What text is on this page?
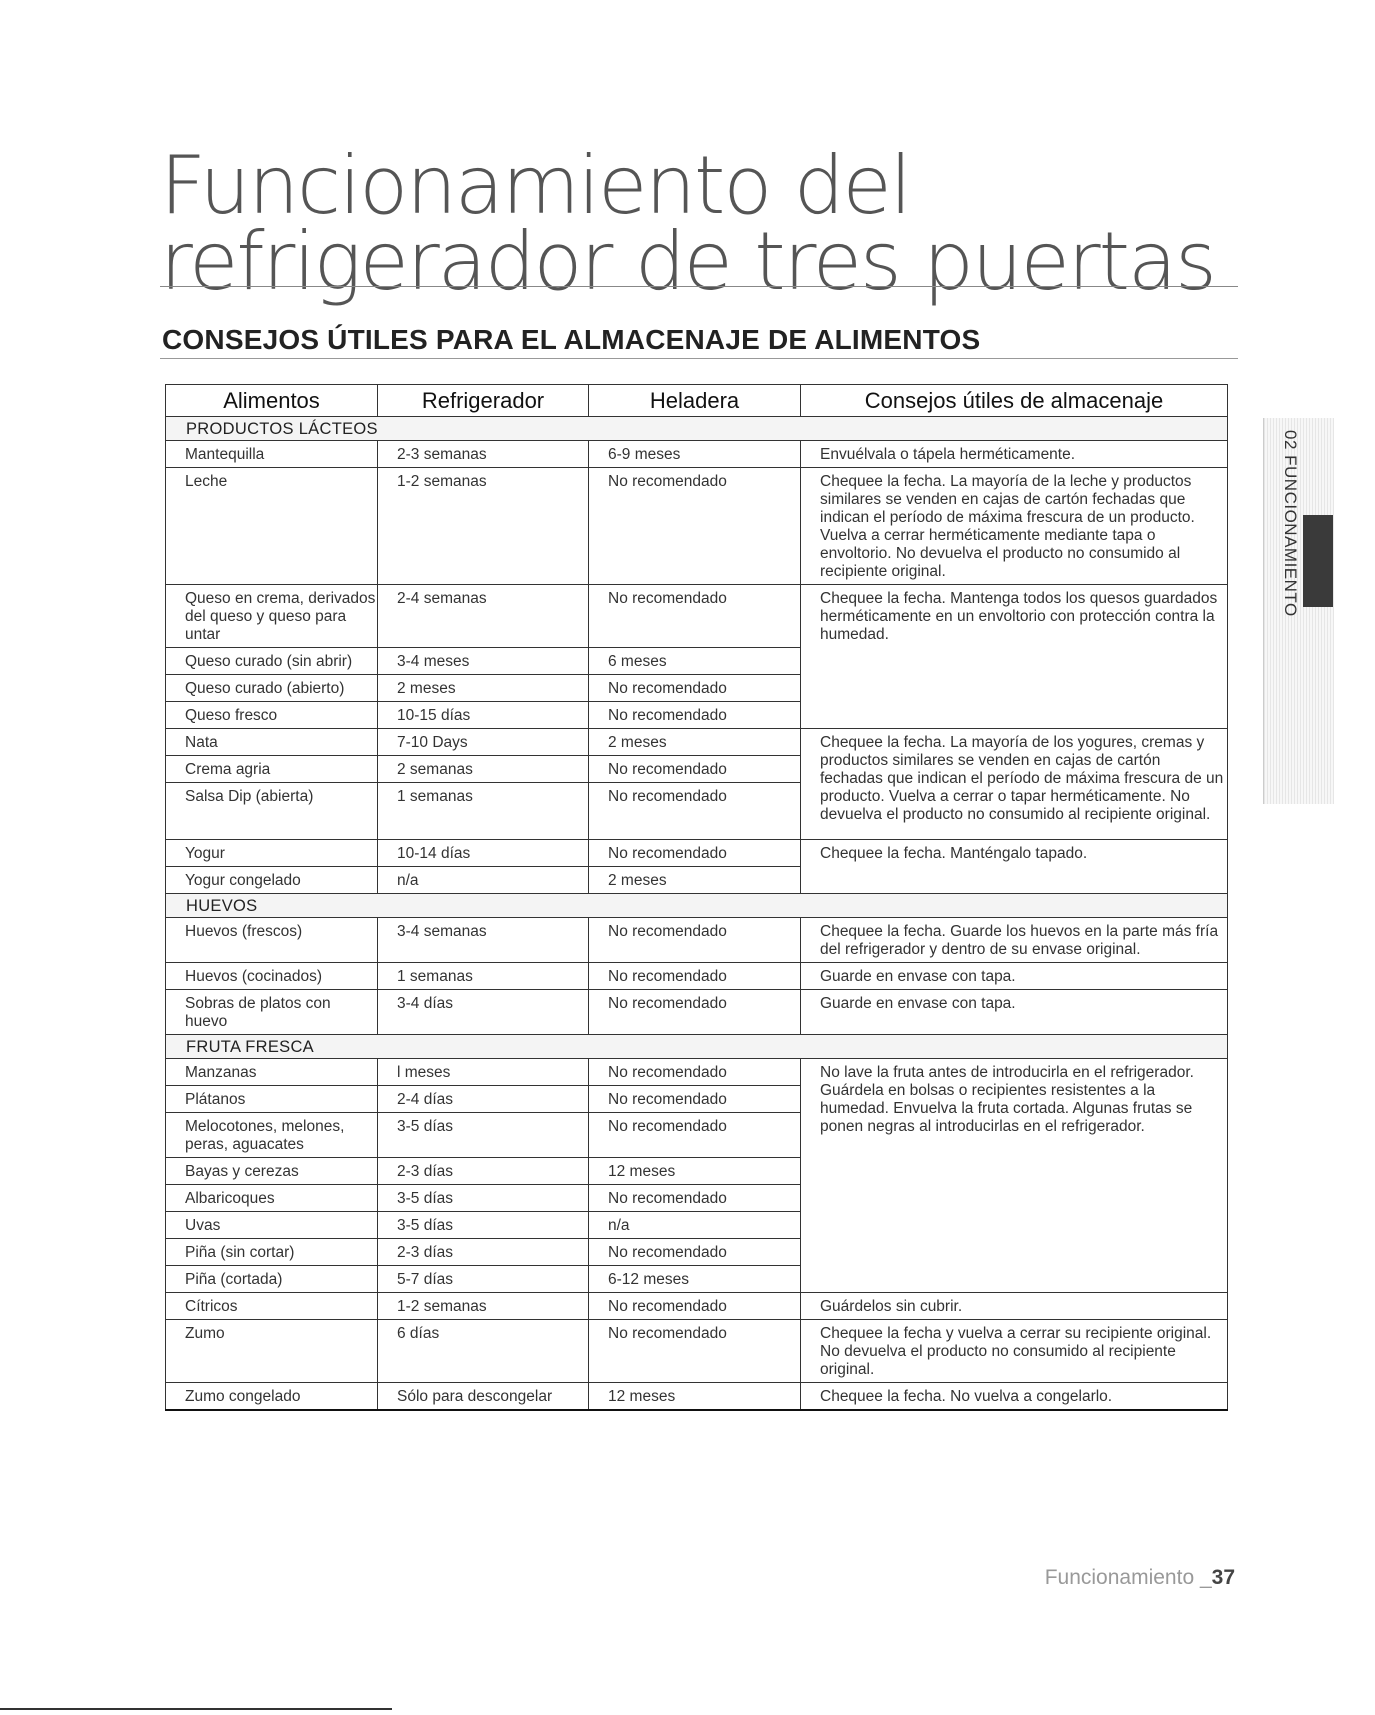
Funcionamiento del refrigerador de tres puertas
CONSEJOS ÚTILES PARA EL ALMACENAJE DE ALIMENTOS
Alimentos	Refrigerador	Heladera	Consejos útiles de almacenaje
PRODUCTOS LÁCTEOS			
Mantequilla	2-3 semanas	6-9 meses	Envuélvala o tápela herméticamente.
Leche	1-2 semanas	No recomendado	Chequee la fecha. La mayoría de la leche y productos similares se venden en cajas de cartón fechadas que indican el período de máxima frescura de un producto. Vuelva a cerrar herméticamente mediante tapa o envoltorio. No devuelva el producto no consumido al recipiente original.
Queso en crema, derivados del queso y queso para untar	2-4 semanas	No recomendado	Chequee la fecha. Mantenga todos los quesos guardados herméticamente en un envoltorio con protección contra la humedad.
Queso curado (sin abrir)	3-4 meses	6 meses	
Queso curado (abierto)	2 meses	No recomendado	
Queso fresco	10-15 días	No recomendado	
Nata	7-10 Days	2 meses	Chequee la fecha. La mayoría de los yogures, cremas y productos similares se venden en cajas de cartón fechadas que indican el período de máxima frescura de un producto. Vuelva a cerrar o tapar herméticamente. No devuelva el producto no consumido al recipiente original.
Crema agria	2 semanas	No recomendado	
Salsa Dip (abierta)	1 semanas	No recomendado	
Yogur	10-14 días	No recomendado	Chequee la fecha. Manténgalo tapado.
Yogur congelado	n/a	2 meses	
HUEVOS			
Huevos (frescos)	3-4 semanas	No recomendado	Chequee la fecha. Guarde los huevos en la parte más fría del refrigerador y dentro de su envase original.
Huevos (cocinados)	1 semanas	No recomendado	Guarde en envase con tapa.
Sobras de platos con huevo	3-4 días	No recomendado	Guarde en envase con tapa.
FRUTA FRESCA			
Manzanas	l meses	No recomendado	No lave la fruta antes de introducirla en el refrigerador. Guárdela en bolsas o recipientes resistentes a la humedad. Envuelva la fruta cortada. Algunas frutas se ponen negras al introducirlas en el refrigerador.
Plátanos	2-4 días	No recomendado	
Melocotones, melones, peras, aguacates	3-5 días	No recomendado	
Bayas y cerezas	2-3 días	12 meses	
Albaricoques	3-5 días	No recomendado	
Uvas	3-5 días	n/a	
Piña (sin cortar)	2-3 días	No recomendado	
Piña (cortada)	5-7 días	6-12 meses	
Cítricos	1-2 semanas	No recomendado	Guárdelos sin cubrir.
Zumo	6 días	No recomendado	Chequee la fecha y vuelva a cerrar su recipiente original. No devuelva el producto no consumido al recipiente original.
Zumo congelado	Sólo para descongelar	12 meses	Chequee la fecha. No vuelva a congelarlo.
02 FUNCIONAMIENTO
Funcionamiento _37
